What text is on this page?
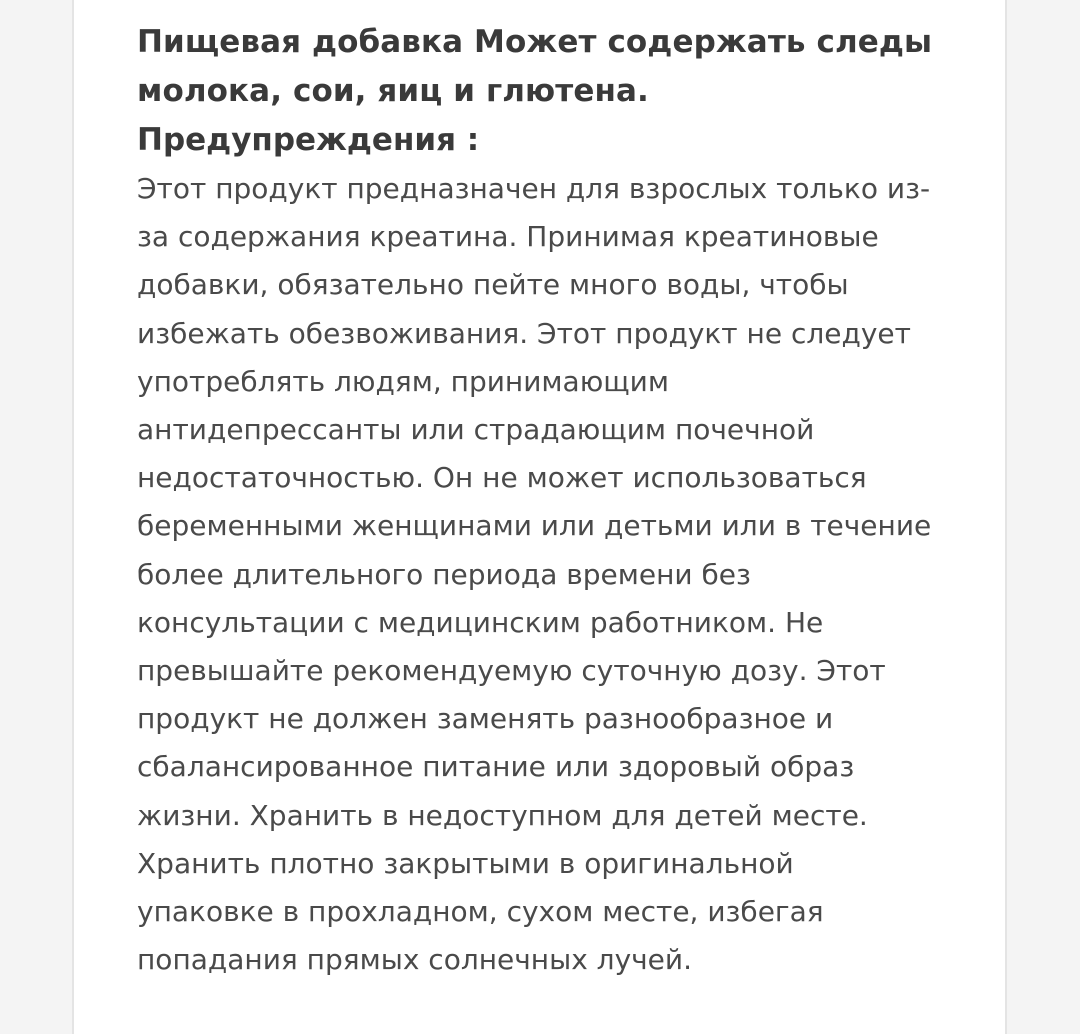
Пищевая добавка Может содержать следы
молока, сои, яиц и глютена.

Предупреждения :

Этот продукт предназначен для взрослых только из-
за содержания креатина. Принимая креатиновые
добавки, обязательно пейте много воды, чтобы
избежать обезвоживания. Этот продукт не следует
употреблять людям, принимающим
антидепрессанты или страдающим почечной
недостаточностью. Он не может использоваться
беременными женщинами или детьми или в течение
более длительного периода времени без
консультации с медицинским работником. Не
превышайте рекомендуемую суточную дозу. Этот
продукт не должен заменять разнообразное и
сбалансированное питание или здоровый образ
жизни. Хранить в недоступном для детей месте.
Хранить плотно закрытыми в оригинальной
упаковке в прохладном, сухом месте, избегая
попадания прямых солнечных лучей.
